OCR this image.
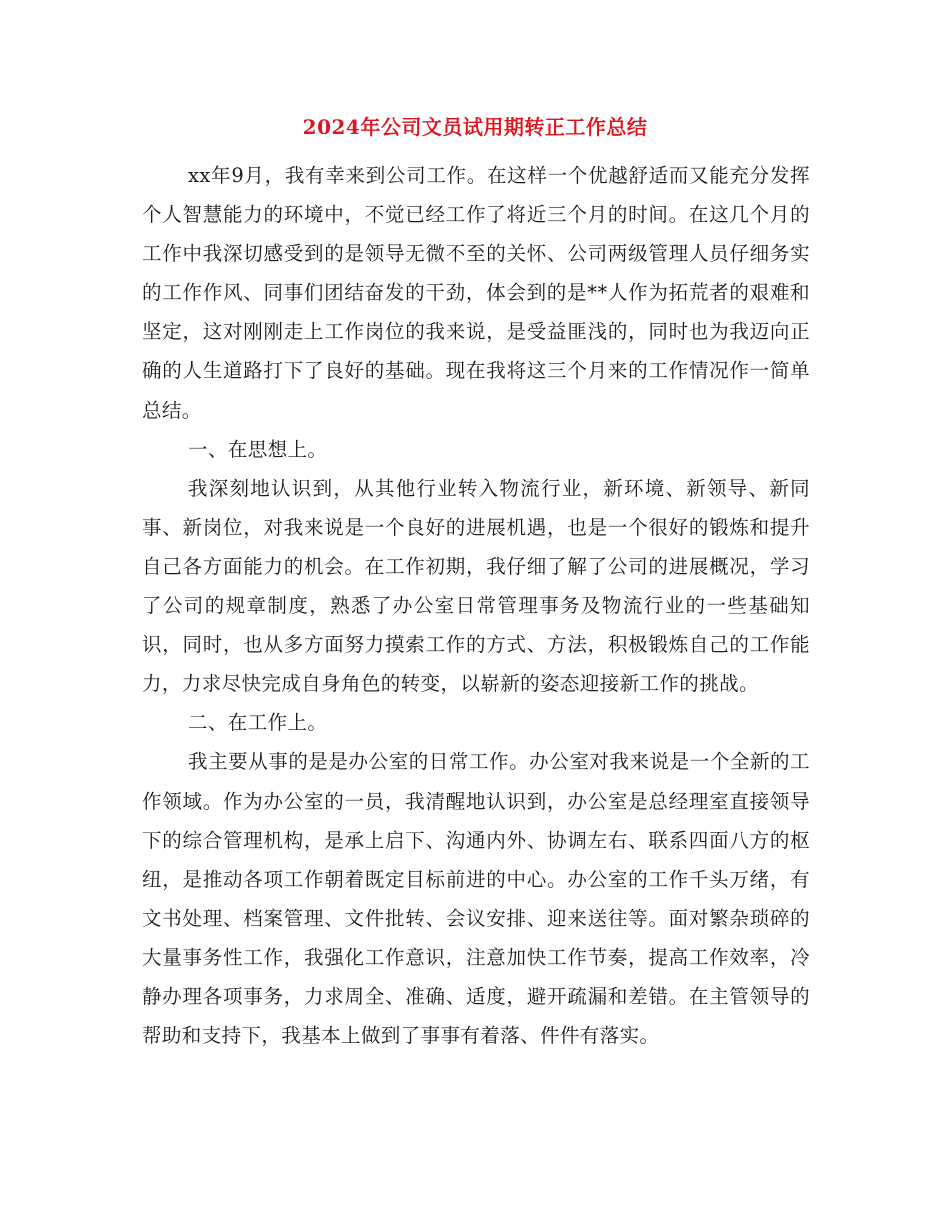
2024年公司文员试用期转正工作总结

xx年9月，我有幸来到公司工作。在这样一个优越舒适而又能充分发挥个人智慧能力的环境中，不觉已经工作了将近三个月的时间。在这几个月的工作中我深切感受到的是领导无微不至的关怀、公司两级管理人员仔细务实的工作作风、同事们团结奋发的干劲，体会到的是**人作为拓荒者的艰难和坚定，这对刚刚走上工作岗位的我来说，是受益匪浅的，同时也为我迈向正确的人生道路打下了良好的基础。现在我将这三个月来的工作情况作一简单总结。

一、在思想上。

我深刻地认识到，从其他行业转入物流行业，新环境、新领导、新同事、新岗位，对我来说是一个良好的进展机遇，也是一个很好的锻炼和提升自己各方面能力的机会。在工作初期，我仔细了解了公司的进展概况，学习了公司的规章制度，熟悉了办公室日常管理事务及物流行业的一些基础知识，同时，也从多方面努力摸索工作的方式、方法，积极锻炼自己的工作能力，力求尽快完成自身角色的转变，以崭新的姿态迎接新工作的挑战。

二、在工作上。

我主要从事的是是办公室的日常工作。办公室对我来说是一个全新的工作领域。作为办公室的一员，我清醒地认识到，办公室是总经理室直接领导下的综合管理机构，是承上启下、沟通内外、协调左右、联系四面八方的枢纽，是推动各项工作朝着既定目标前进的中心。办公室的工作千头万绪，有文书处理、档案管理、文件批转、会议安排、迎来送往等。面对繁杂琐碎的大量事务性工作，我强化工作意识，注意加快工作节奏，提高工作效率，冷静办理各项事务，力求周全、准确、适度，避开疏漏和差错。在主管领导的帮助和支持下，我基本上做到了事事有着落、件件有落实。
